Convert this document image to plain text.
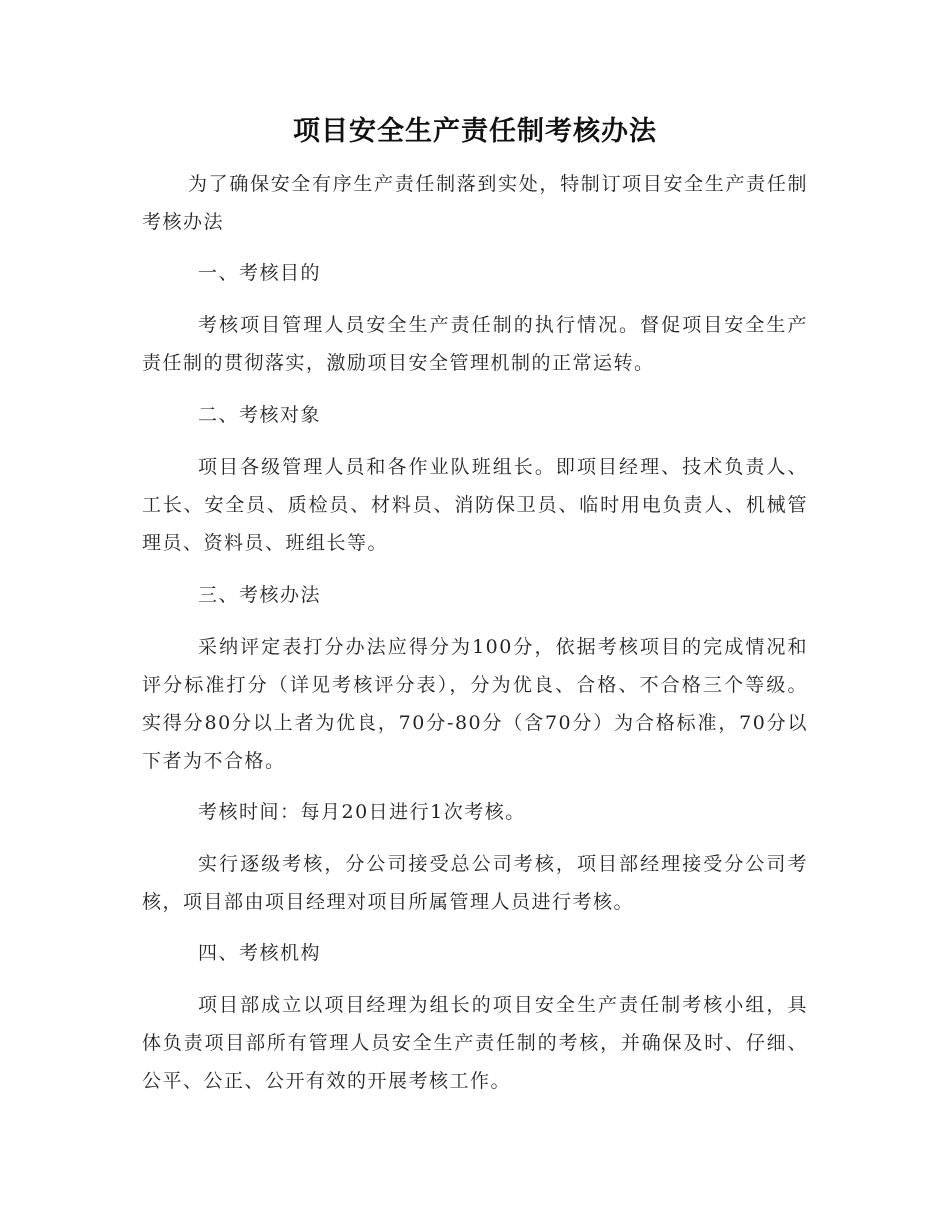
项目安全生产责任制考核办法

为了确保安全有序生产责任制落到实处，特制订项目安全生产责任制考核办法

一、考核目的

考核项目管理人员安全生产责任制的执行情况。督促项目安全生产责任制的贯彻落实，激励项目安全管理机制的正常运转。

二、考核对象

项目各级管理人员和各作业队班组长。即项目经理、技术负责人、工长、安全员、质检员、材料员、消防保卫员、临时用电负责人、机械管理员、资料员、班组长等。

三、考核办法

采纳评定表打分办法应得分为100分，依据考核项目的完成情况和评分标准打分（详见考核评分表），分为优良、合格、不合格三个等级。实得分80分以上者为优良，70分-80分（含70分）为合格标准，70分以下者为不合格。

考核时间：每月20日进行1次考核。

实行逐级考核，分公司接受总公司考核，项目部经理接受分公司考核，项目部由项目经理对项目所属管理人员进行考核。

四、考核机构

项目部成立以项目经理为组长的项目安全生产责任制考核小组，具体负责项目部所有管理人员安全生产责任制的考核，并确保及时、仔细、公平、公正、公开有效的开展考核工作。
